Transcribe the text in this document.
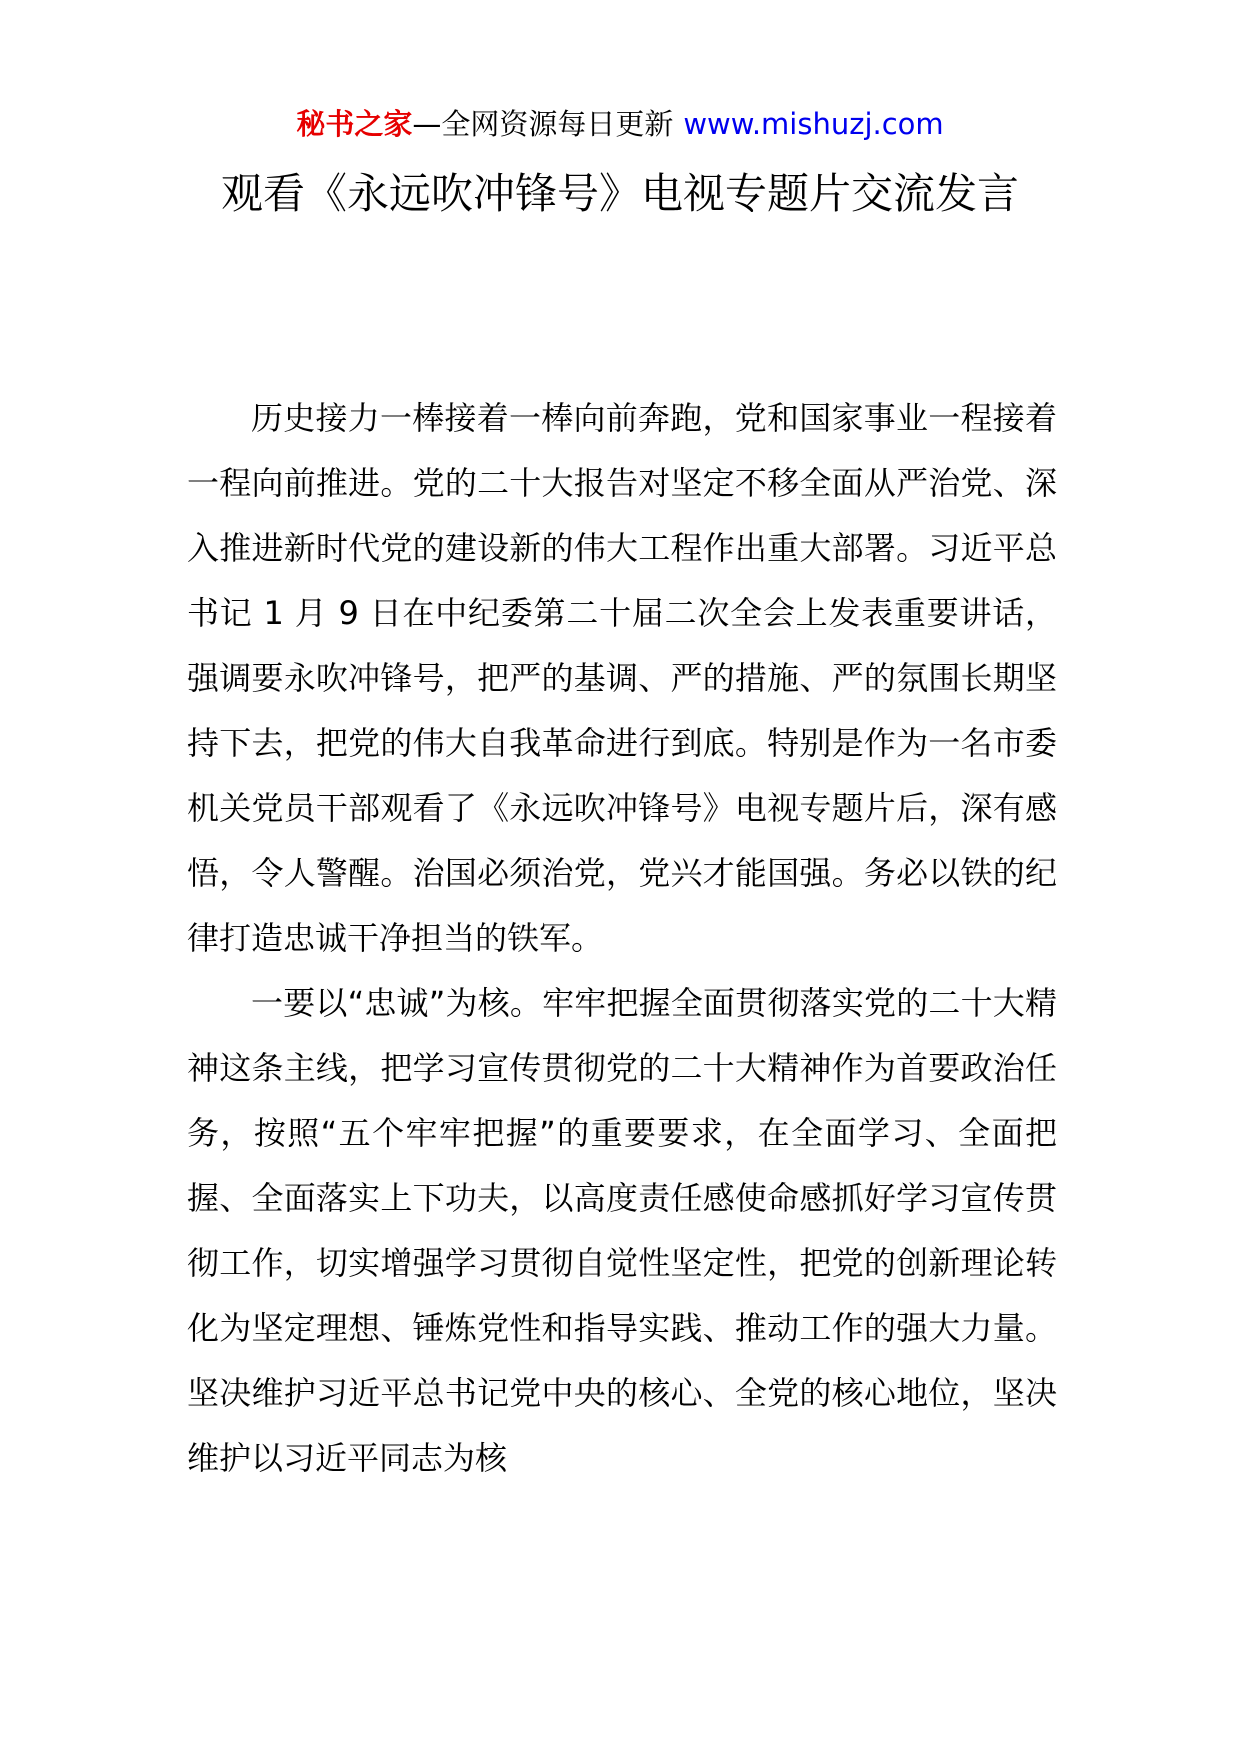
秘书之家—全网资源每日更新 www.mishuzj.com
观看《永远吹冲锋号》电视专题片交流发言

历史接力一棒接着一棒向前奔跑，党和国家事业一程接着一程向前推进。党的二十大报告对坚定不移全面从严治党、深入推进新时代党的建设新的伟大工程作出重大部署。习近平总书记 1 月 9 日在中纪委第二十届二次全会上发表重要讲话，强调要永吹冲锋号，把严的基调、严的措施、严的氛围长期坚持下去，把党的伟大自我革命进行到底。特别是作为一名市委机关党员干部观看了《永远吹冲锋号》电视专题片后，深有感悟，令人警醒。治国必须治党，党兴才能国强。务必以铁的纪律打造忠诚干净担当的铁军。

一要以“忠诚”为核。牢牢把握全面贯彻落实党的二十大精神这条主线，把学习宣传贯彻党的二十大精神作为首要政治任务，按照“五个牢牢把握”的重要要求，在全面学习、全面把握、全面落实上下功夫，以高度责任感使命感抓好学习宣传贯彻工作，切实增强学习贯彻自觉性坚定性，把党的创新理论转化为坚定理想、锤炼党性和指导实践、推动工作的强大力量。坚决维护习近平总书记党中央的核心、全党的核心地位，坚决维护以习近平同志为核
